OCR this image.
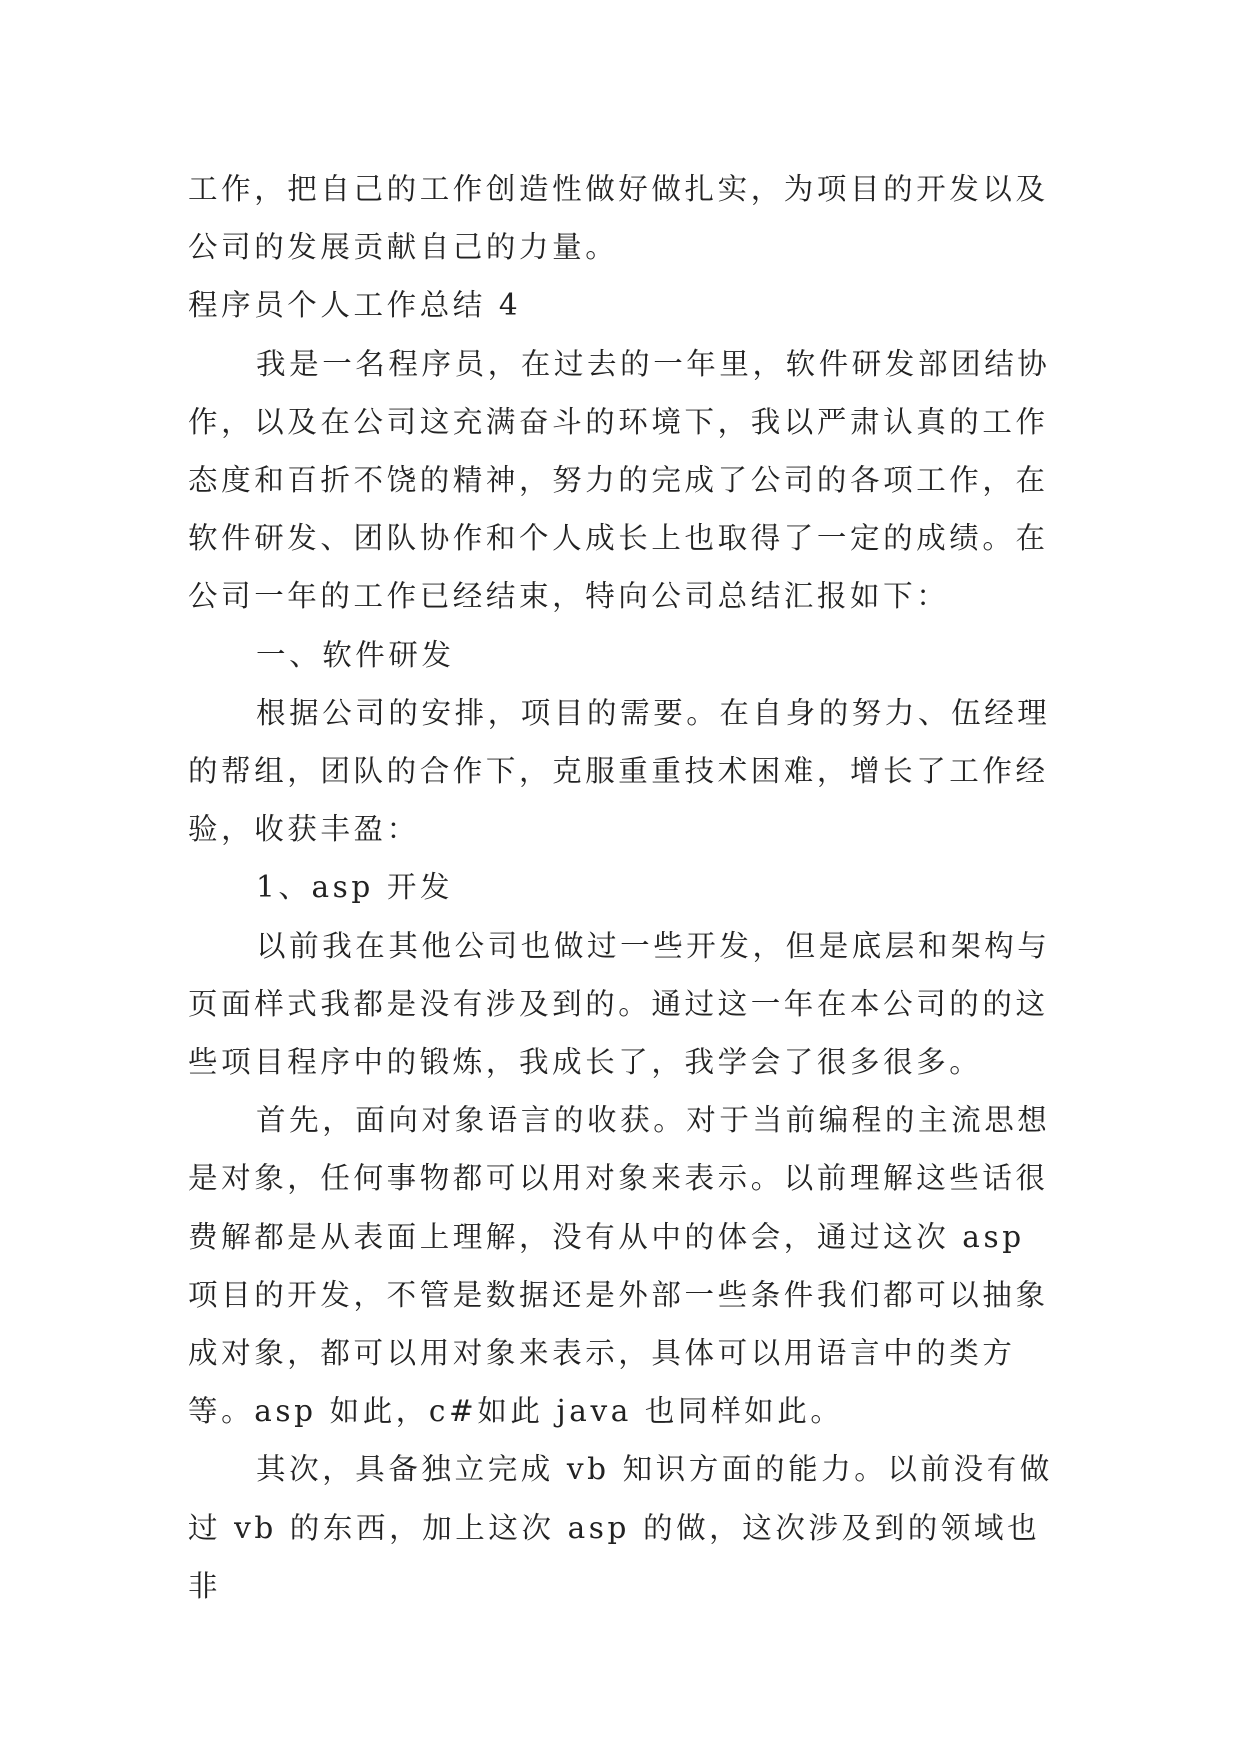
工作，把自己的工作创造性做好做扎实，为项目的开发以及公司的发展贡献自己的力量。

程序员个人工作总结 4

我是一名程序员，在过去的一年里，软件研发部团结协作，以及在公司这充满奋斗的环境下，我以严肃认真的工作态度和百折不饶的精神，努力的完成了公司的各项工作，在软件研发、团队协作和个人成长上也取得了一定的成绩。在公司一年的工作已经结束，特向公司总结汇报如下：

一、软件研发

根据公司的安排，项目的需要。在自身的努力、伍经理的帮组，团队的合作下，克服重重技术困难，增长了工作经验，收获丰盈：

1、asp 开发

以前我在其他公司也做过一些开发，但是底层和架构与页面样式我都是没有涉及到的。通过这一年在本公司的的这些项目程序中的锻炼，我成长了，我学会了很多很多。

首先，面向对象语言的收获。对于当前编程的主流思想是对象，任何事物都可以用对象来表示。以前理解这些话很费解都是从表面上理解，没有从中的体会，通过这次 asp 项目的开发，不管是数据还是外部一些条件我们都可以抽象成对象，都可以用对象来表示，具体可以用语言中的类方等。asp 如此，c#如此 java 也同样如此。

其次，具备独立完成 vb 知识方面的能力。以前没有做过 vb 的东西，加上这次 asp 的做，这次涉及到的领域也非
